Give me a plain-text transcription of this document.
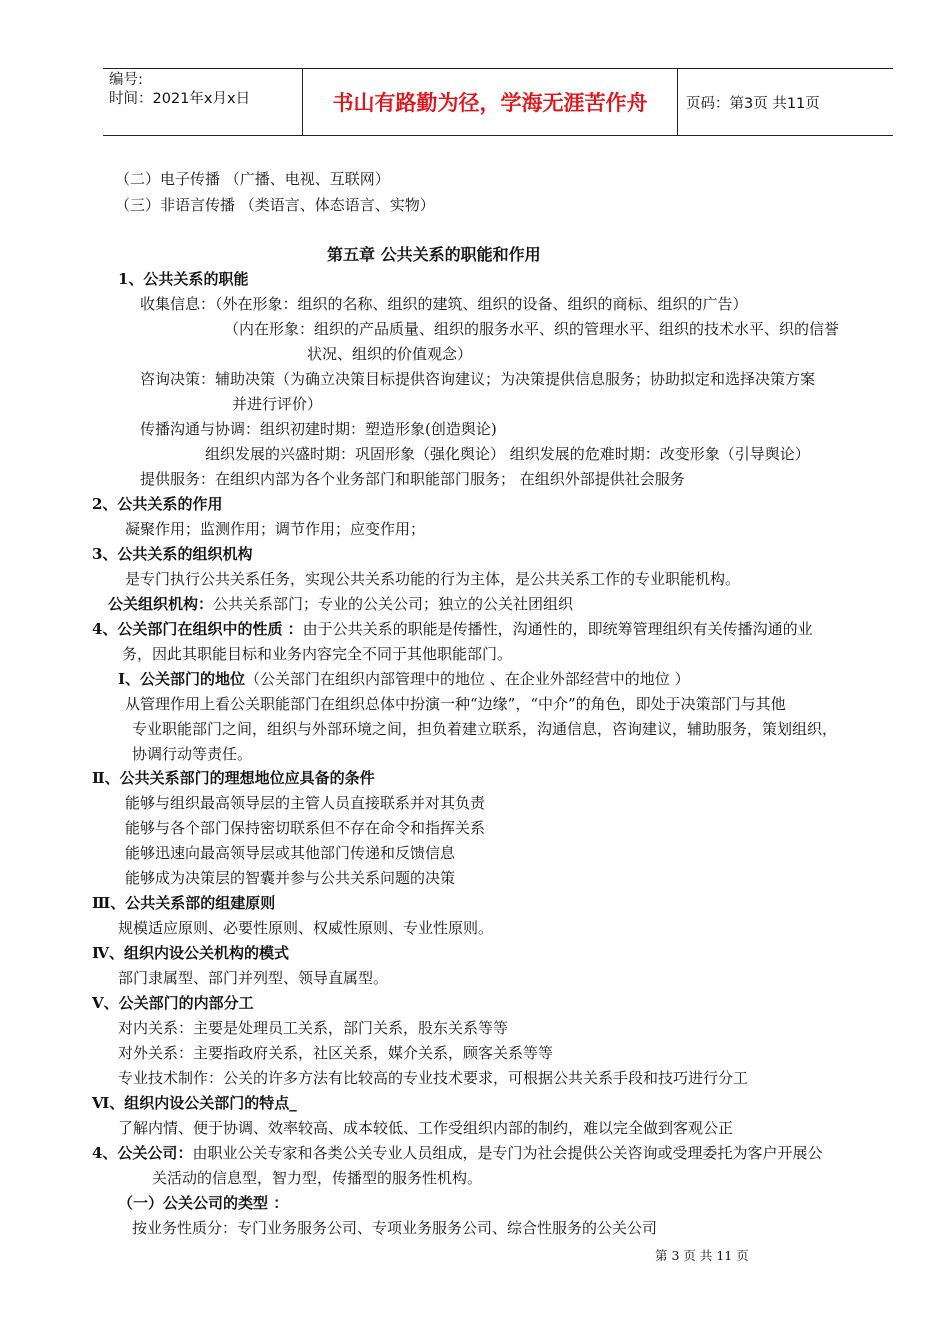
编号:
时间：2021年x月x日	书山有路勤为径，学海无涯苦作舟	页码：第3页 共11页
（二）电子传播 （广播、电视、互联网）
（三）非语言传播 （类语言、体态语言、实物）
第五章 公共关系的职能和作用
1、公共关系的职能
收集信息：（外在形象：组织的名称、组织的建筑、组织的设备、组织的商标、组织的广告）
（内在形象：组织的产品质量、组织的服务水平、织的管理水平、组织的技术水平、织的信誉
状况、组织的价值观念）
咨询决策：辅助决策（为确立决策目标提供咨询建议；为决策提供信息服务；协助拟定和选择决策方案
并进行评价）
传播沟通与协调：组织初建时期：塑造形象(创造舆论)
组织发展的兴盛时期：巩固形象（强化舆论） 组织发展的危难时期：改变形象（引导舆论）
提供服务：在组织内部为各个业务部门和职能部门服务； 在组织外部提供社会服务
2、公共关系的作用
凝聚作用；监测作用；调节作用；应变作用；
3、公共关系的组织机构
是专门执行公共关系任务，实现公共关系功能的行为主体，是公共关系工作的专业职能机构。
公关组织机构：公共关系部门；专业的公关公司；独立的公关社团组织
4、公关部门在组织中的性质 ：由于公共关系的职能是传播性，沟通性的，即统筹管理组织有关传播沟通的业
务，因此其职能目标和业务内容完全不同于其他职能部门。
Ⅰ、公关部门的地位（公关部门在组织内部管理中的地位 、在企业外部经营中的地位 ）
从管理作用上看公关职能部门在组织总体中扮演一种“边缘”，“中介”的角色，即处于决策部门与其他
专业职能部门之间，组织与外部环境之间，担负着建立联系，沟通信息，咨询建议，辅助服务，策划组织，
协调行动等责任。
Ⅱ、公共关系部门的理想地位应具备的条件
能够与组织最高领导层的主管人员直接联系并对其负责
能够与各个部门保持密切联系但不存在命令和指挥关系
能够迅速向最高领导层或其他部门传递和反馈信息
能够成为决策层的智囊并参与公共关系问题的决策
Ⅲ、公共关系部的组建原则
规模适应原则、必要性原则、权威性原则、专业性原则。
Ⅳ、组织内设公关机构的模式
部门隶属型、部门并列型、领导直属型。
Ⅴ、公关部门的内部分工
对内关系：主要是处理员工关系，部门关系，股东关系等等
对外关系：主要指政府关系，社区关系，媒介关系，顾客关系等等
专业技术制作：公关的许多方法有比较高的专业技术要求，可根据公共关系手段和技巧进行分工
Ⅵ、组织内设公关部门的特点_
了解内情、便于协调、效率较高、成本较低、工作受组织内部的制约，难以完全做到客观公正
4、公关公司：由职业公关专家和各类公关专业人员组成，是专门为社会提供公关咨询或受理委托为客户开展公
关活动的信息型，智力型，传播型的服务性机构。
（一）公关公司的类型 ：
按业务性质分：专门业务服务公司、专项业务服务公司、综合性服务的公关公司
第 3 页 共 11 页
